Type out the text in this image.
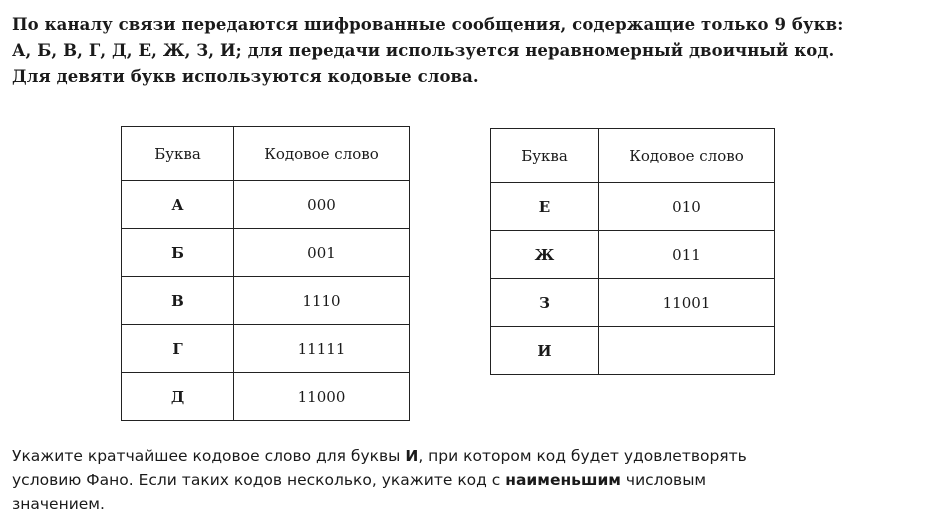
По каналу связи передаются шифрованные сообщения, содержащие только 9 букв:

А, Б, В, Г, Д, Е, Ж, З, И; для передачи используется неравномерный двоичный код.

Для девяти букв используются кодовые слова.

Буква	Кодовое слово
А	000
Б	001
В	1110
Г	11111
Д	11000
Буква	Кодовое слово
Е	010
Ж	011
З	11001
И	

Укажите кратчайшее кодовое слово для буквы И, при котором код будет удовлетворять

условию Фано. Если таких кодов несколько, укажите код с наименьшим числовым

значением.
